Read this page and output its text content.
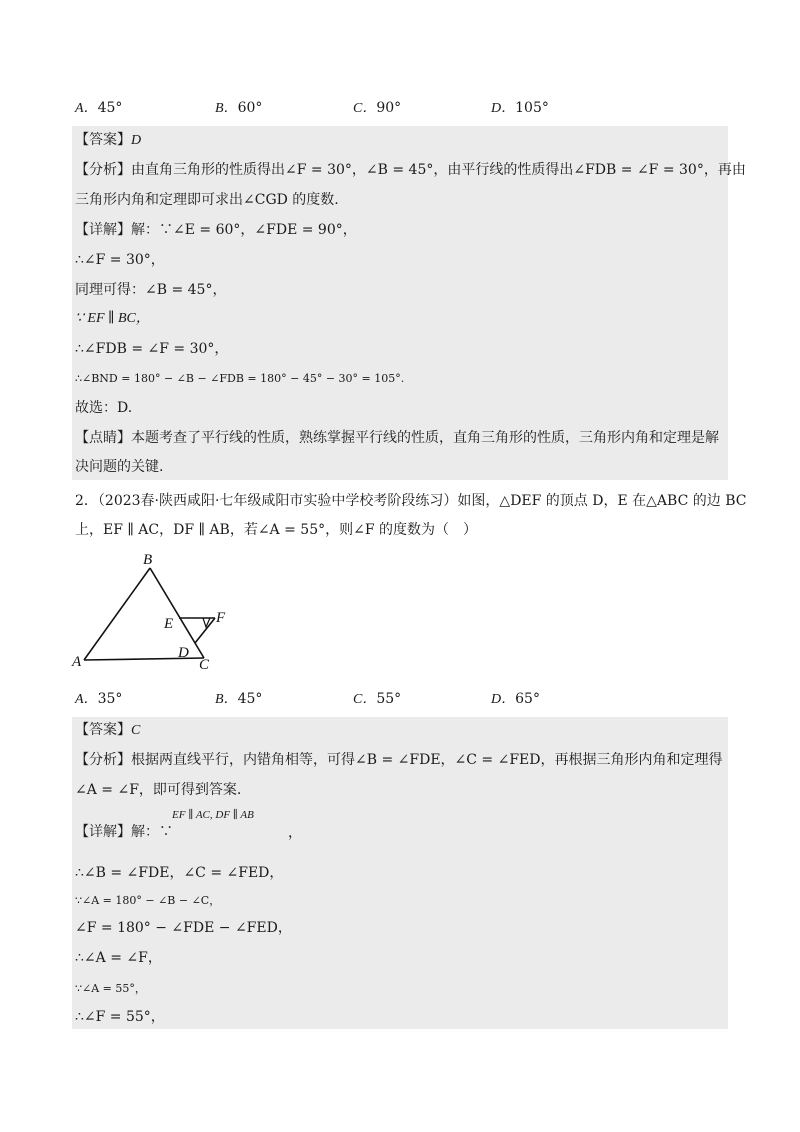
A．45°	B．60°	C．90°	D．105°
【答案】D
【分析】由直角三角形的性质得出∠F = 30°，∠B = 45°，由平行线的性质得出∠FDB = ∠F = 30°，再由
三角形内角和定理即可求出∠CGD 的度数.
【详解】解：∵∠E = 60°，∠FDE = 90°，
∴∠F = 30°，
同理可得：∠B = 45°，
∵ EF ∥ BC，
∴∠FDB = ∠F = 30°，
∴∠BND = 180° − ∠B − ∠FDB = 180° − 45° − 30° = 105°.
故选：D.
【点睛】本题考查了平行线的性质，熟练掌握平行线的性质，直角三角形的性质，三角形内角和定理是解
决问题的关键.
2．（2023春·陕西咸阳·七年级咸阳市实验中学校考阶段练习）如图，△DEF 的顶点 D，E 在△ABC 的边 BC
上，EF ∥ AC，DF ∥ AB，若∠A = 55°，则∠F 的度数为（　）
B
E	F
D
A	C
A．35°	B．45°	C．55°	D．65°
【答案】C
【分析】根据两直线平行，内错角相等，可得∠B = ∠FDE，∠C = ∠FED，再根据三角形内角和定理得
∠A = ∠F，即可得到答案.
【详解】解：∵
EF ∥ AC, DF ∥ AB
，
∴∠B = ∠FDE，∠C = ∠FED，
∵∠A = 180° − ∠B − ∠C，
∠F = 180° − ∠FDE − ∠FED，
∴∠A = ∠F，
∵∠A = 55°，
∴∠F = 55°，
